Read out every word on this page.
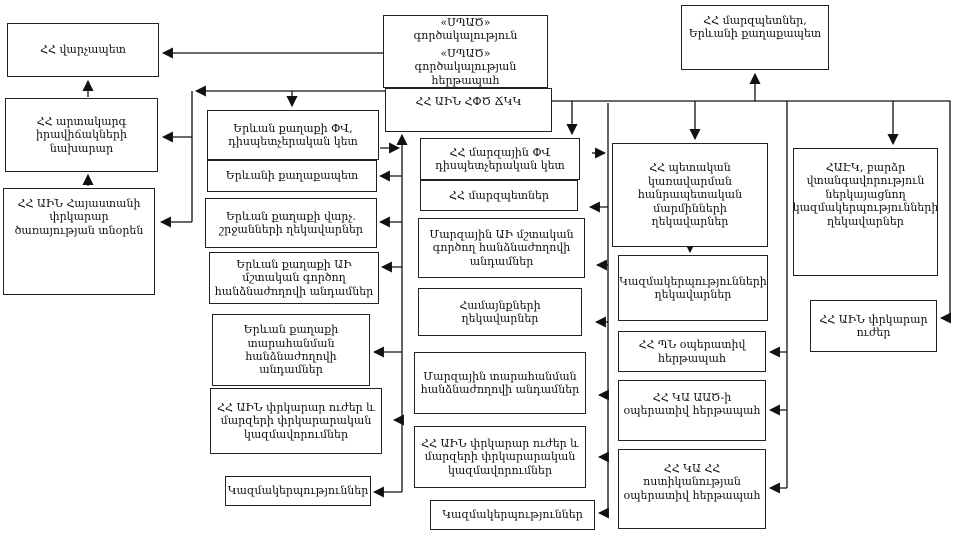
ՀՀ վարչապետ
ՀՀ արտակարգ իրավիճակների նախարար
ՀՀ ԱԻՆ Հայաստանի փրկարար ծառայության տնօրեն
«ՍՊԱԾ» գործակալություն
«ՍՊԱԾ» գործակալության հերթապահ
ՀՀ ԱԻՆ ՀՓԾ ՃԿԿ
Երևան քաղաքի ՓՎ, դիսպետչերական կետ
Երևանի քաղաքապետ
Երևան քաղաքի վարչ. շրջանների ղեկավարներ
Երևան քաղաքի ԱԻ մշտական գործող հանձնաժողովի անդամներ
Երևան քաղաքի տարահանման հանձնաժողովի անդամներ
ՀՀ ԱԻՆ փրկարար ուժեր և մարզերի փրկարարական կազմավորումներ
Կազմակերպություններ
ՀՀ մարզային ՓՎ դիսպետչերական կետ
ՀՀ մարզպետներ
Մարզային ԱԻ մշտական գործող հանձնաժողովի անդամներ
Համայնքների ղեկավարներ
Մարզային տարահանման հանձնաժողովի անդամներ
ՀՀ ԱԻՆ փրկարար ուժեր և մարզերի փրկարարական կազմավորումներ
Կազմակերպություններ
ՀՀ մարզպետներ, Երևանի քաղաքապետ
ՀՀ պետական կառավարման հանրապետական մարմինների ղեկավարներ
Կազմակերպությունների ղեկավարներ
ՀՀ ՊՆ օպերատիվ հերթապահ
ՀՀ ԿԱ ԱԱԾ-ի օպերատիվ հերթապահ
ՀՀ ԿԱ ՀՀ ոստիկանության օպերատիվ հերթապահ
ՀԱԷԿ, բարձր վտանգավորություն ներկայացնող կազմակերպությունների ղեկավարներ
ՀՀ ԱԻՆ փրկարար ուժեր
